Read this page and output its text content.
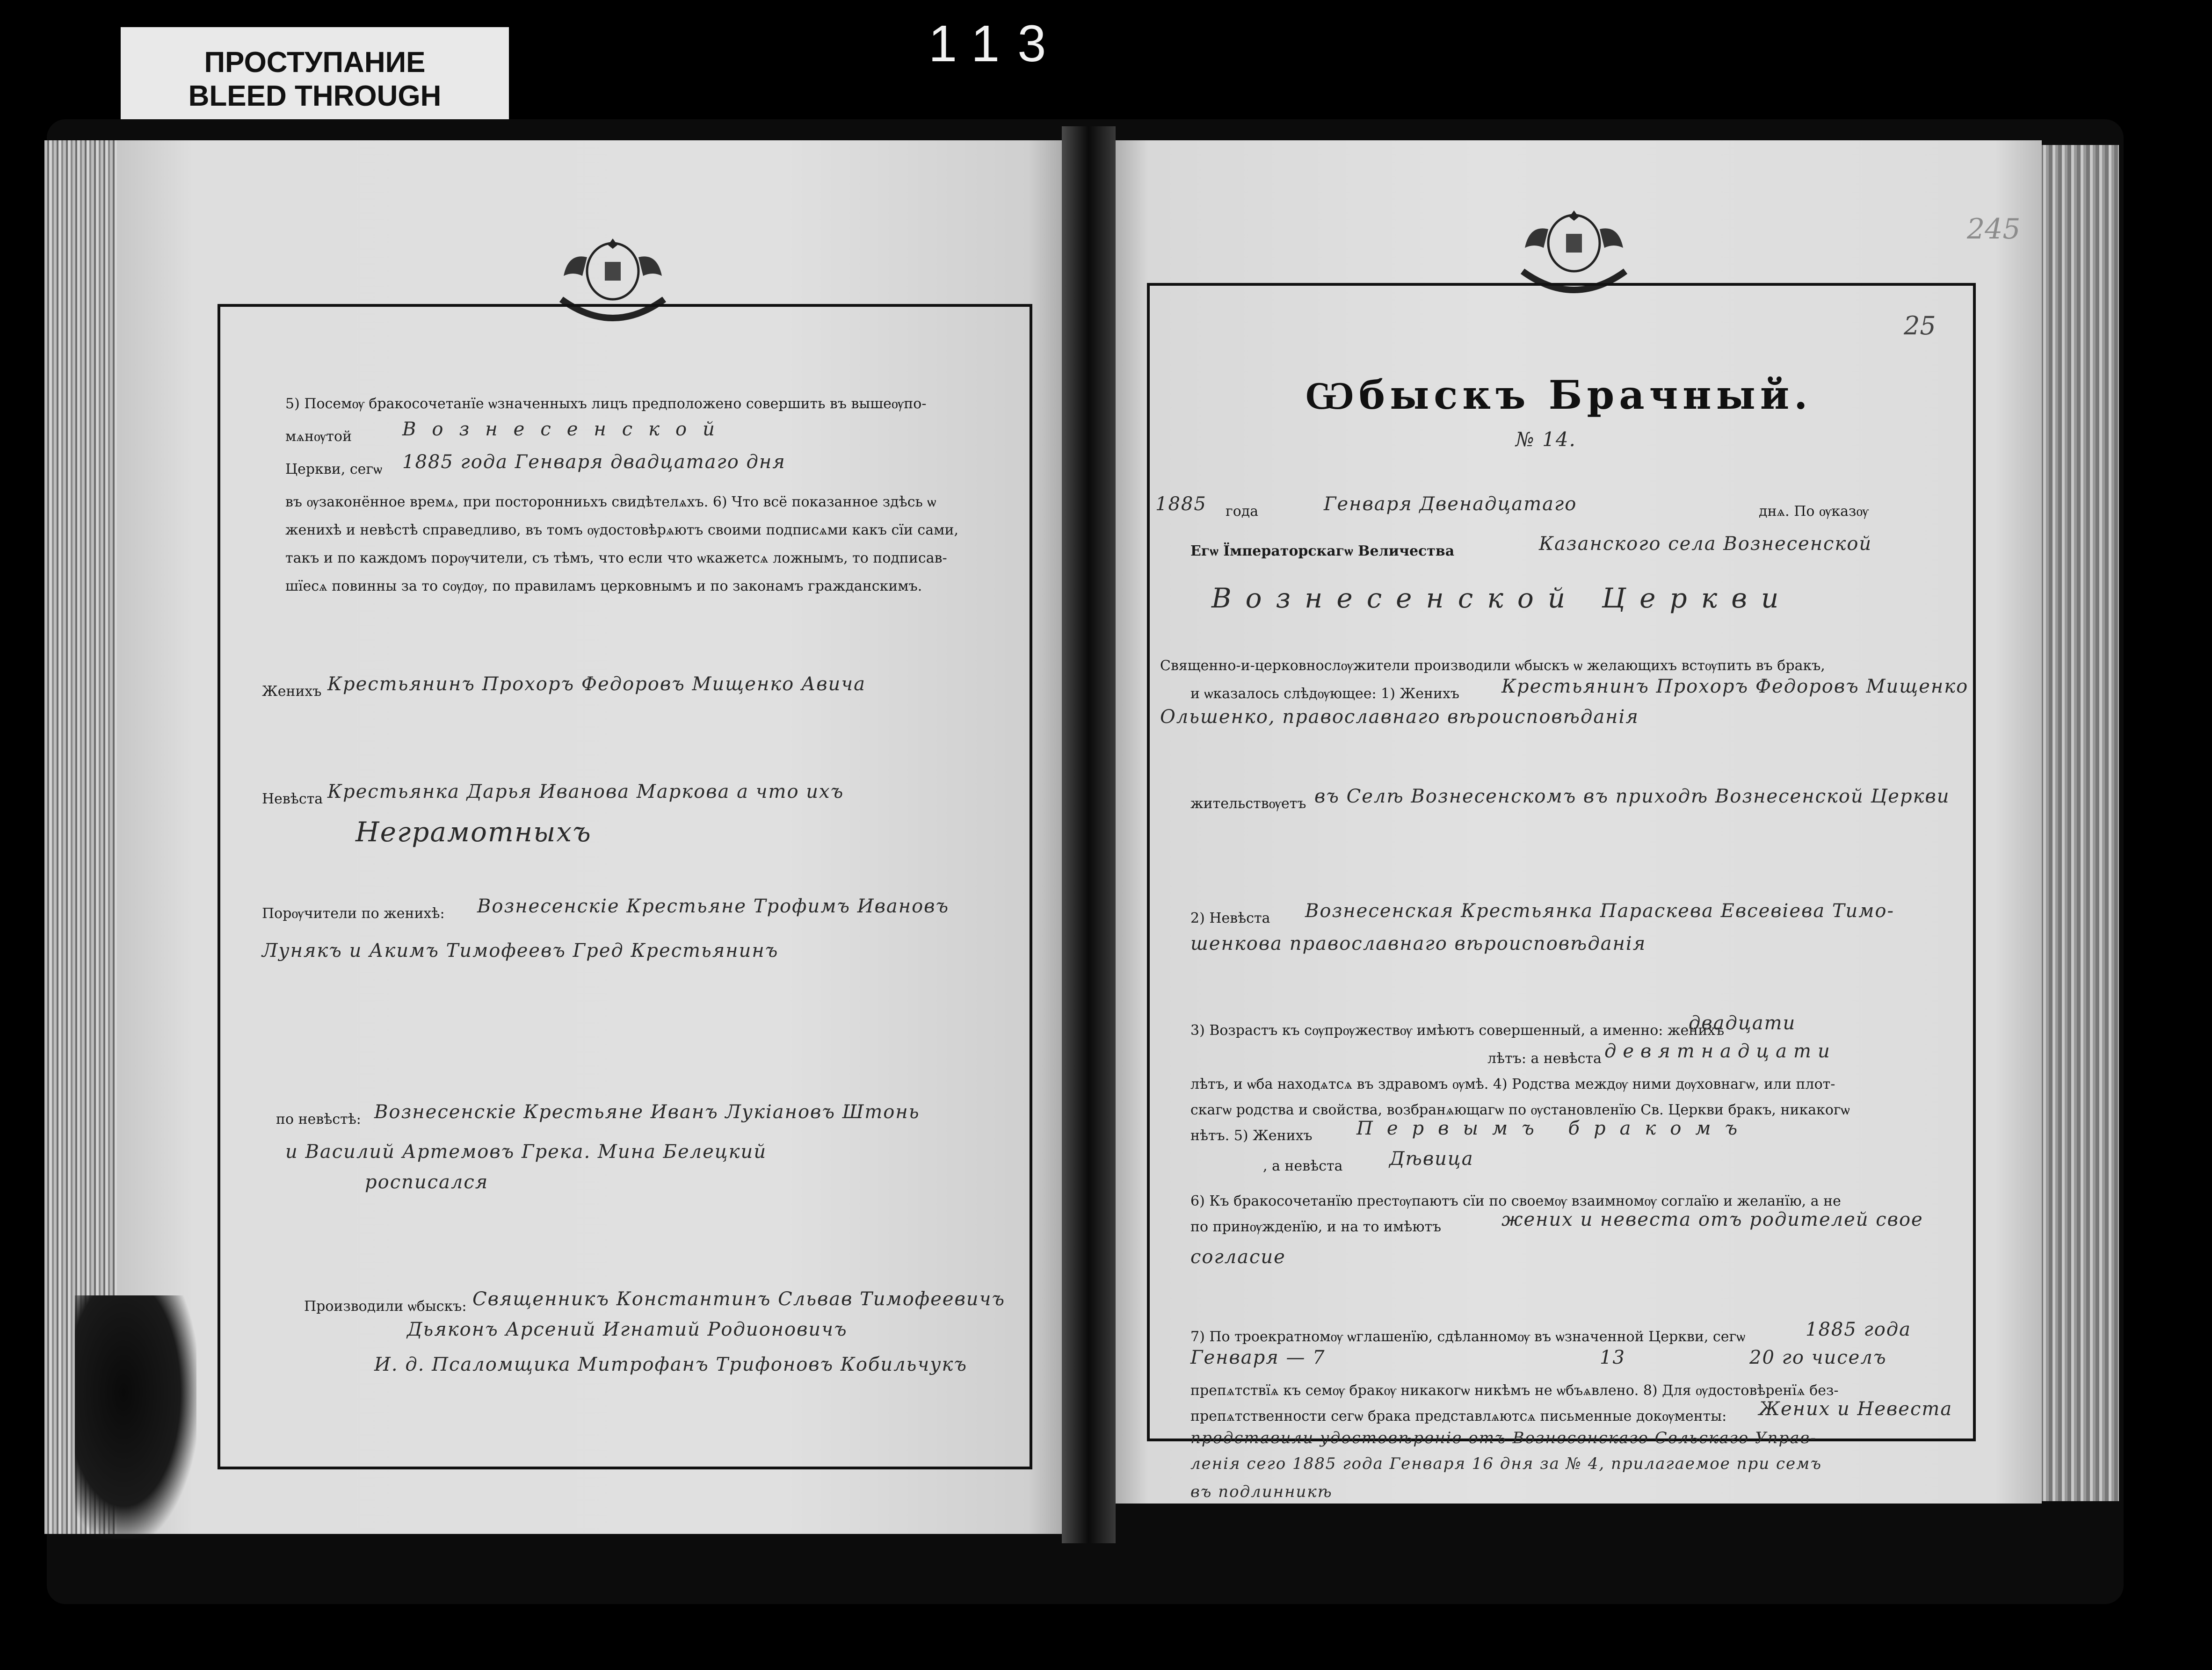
ПРОСТУПАНИЕ
BLEED THROUGH
113
5) Посемѹ бракосочетанїе ѡзначенныхъ лицъ предположено совершить въ вышеѹпо-
мѧнѹтой	Вознесенской
Церкви, сегѡ 1885 года Генваря двадцатаго дня
въ ѹзаконённое времѧ, при посторонниьхъ свидѣтелѧхъ. 6) Что всё показанное здѣсь ѡ
женихѣ и невѣстѣ справедливо, въ томъ ѹдостовѣрѧютъ своими подписѧми какъ сїи сами,
такъ и по каждомъ порѹчители, съ тѣмъ, что если что ѡкажетсѧ ложнымъ, то подписав-
шїесѧ повинны за то сѹдѹ, по правиламъ церковнымъ и по законамъ гражданскимъ.
Женихъ Крестьянинъ Прохоръ Федоровъ Мищенко Авича
Невѣста Крестьянка Дарья Иванова Маркова а что ихъ
Неграмотныхъ
Порѹчители по женихѣ: Вознесенскiе Крестьяне Трофимъ Ивановъ
Лунякъ и Акимъ Тимофеевъ Гред Крестьянинъ
по невѣстѣ: Вознесенскiе Крестьяне Иванъ Лукiановъ Штонь
и Василий Артемовъ Грека. Мина Белецкий
росписался
Производили ѡбыскъ: Священникъ Константинъ Сльвав Тимофеевичъ
Дьяконъ Арсений Игнатий Родионовичъ
И. д. Псаломщика Митрофанъ Трифоновъ Кобильчукъ
245
25
Ѡбыскъ Брачный.
№ 14.
1885 года	Генваря Двенадцатаго	днѧ. По ѹказѹ
Егѡ Їмператорскагѡ Величества	Казанского села Вознесенской
Вознесенской Церкви
Священно-и-церковнослѹжители производили ѡбыскъ ѡ желающихъ встѹпить въ бракъ,
и ѡказалось слѣдѹющее: 1) Женихъ Крестьянинъ Прохоръ Федоровъ Мищенко
Ольшенко, православнаго вѣроисповѣданія
жительствѹетъ въ Селѣ Вознесенскомъ въ приходѣ Вознесенской Церкви
2) Невѣста Вознесенская Крестьянка Параскева Евсевiева Тимо-
шенкова православнаго вѣроисповѣданiя
3) Возрастъ къ сѹпрѹжествѹ имѣютъ совершенный, а именно: женихъ
двадцати
лѣтъ: а невѣста девятнадцати
лѣтъ, и ѡба находѧтсѧ въ здравомъ ѹмѣ. 4) Родства междѹ ними дѹховнагѡ, или плот-
скагѡ родства и свойства, возбранѧющагѡ по ѹстановленїю Св. Церкви бракъ, никакогѡ
нѣтъ. 5) Женихъ Первымъ бракомъ
, а невѣста Дѣвица
6) Къ бракосочетанїю престѹпаютъ сїи по своемѹ взаимномѹ соглаїю и желанїю, а не
по принѹжденїю, и на то имѣютъ	жених и невеста отъ родителей свое
согласие
7) По троекратномѹ ѡглашенїю, сдѣланномѹ въ ѡзначенной Церкви, сегѡ	1885 года
Генваря — 7	13	20 го чиселъ
препѧтствїѧ къ семѹ бракѹ никакогѡ никѣмъ не ѡбъѧвлено. 8) Для ѹдостовѣренїѧ без-
препѧтственности сегѡ брака представлѧютсѧ письменные докѹменты: Жених и Невеста
представили удостовѣренiе отъ Вознесенскаго Сельскаго Управ-
ленiя сего 1885 года Генваря 16 дня за № 4, прилагаемое при семъ
въ подлинникѣ
